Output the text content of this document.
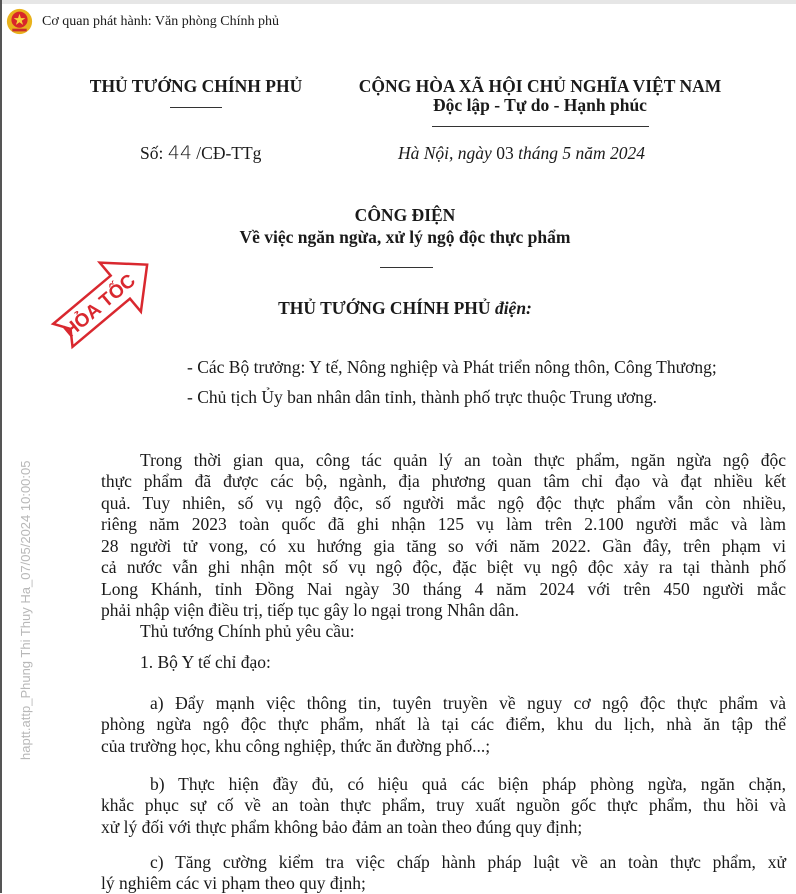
Cơ quan phát hành: Văn phòng Chính phủ
THỦ TƯỚNG CHÍNH PHỦ	CỘNG HÒA XÃ HỘI CHỦ NGHĨA VIỆT NAM
Độc lập - Tự do - Hạnh phúc
Số: 44 /CĐ-TTg	Hà Nội, ngày 03 tháng 5 năm 2024
haptt.attp_Phung Thi Thuy Ha_07/05/2024 10:00:05
HỎA TỐC
CÔNG ĐIỆN
Về việc ngăn ngừa, xử lý ngộ độc thực phẩm
THỦ TƯỚNG CHÍNH PHỦ điện:
- Các Bộ trưởng: Y tế, Nông nghiệp và Phát triển nông thôn, Công Thương;
- Chủ tịch Ủy ban nhân dân tỉnh, thành phố trực thuộc Trung ương.
Trong thời gian qua, công tác quản lý an toàn thực phẩm, ngăn ngừa ngộ độc
thực phẩm đã được các bộ, ngành, địa phương quan tâm chỉ đạo và đạt nhiều kết
quả. Tuy nhiên, số vụ ngộ độc, số người mắc ngộ độc thực phẩm vẫn còn nhiều,
riêng năm 2023 toàn quốc đã ghi nhận 125 vụ làm trên 2.100 người mắc và làm
28 người tử vong, có xu hướng gia tăng so với năm 2022. Gần đây, trên phạm vi
cả nước vẫn ghi nhận một số vụ ngộ độc, đặc biệt vụ ngộ độc xảy ra tại thành phố
Long Khánh, tỉnh Đồng Nai ngày 30 tháng 4 năm 2024 với trên 450 người mắc
phải nhập viện điều trị, tiếp tục gây lo ngại trong Nhân dân.
Thủ tướng Chính phủ yêu cầu:
1. Bộ Y tế chỉ đạo:
a) Đẩy mạnh việc thông tin, tuyên truyền về nguy cơ ngộ độc thực phẩm và
phòng ngừa ngộ độc thực phẩm, nhất là tại các điểm, khu du lịch, nhà ăn tập thể
của trường học, khu công nghiệp, thức ăn đường phố...;
b) Thực hiện đầy đủ, có hiệu quả các biện pháp phòng ngừa, ngăn chặn,
khắc phục sự cố về an toàn thực phẩm, truy xuất nguồn gốc thực phẩm, thu hồi và
xử lý đối với thực phẩm không bảo đảm an toàn theo đúng quy định;
c) Tăng cường kiểm tra việc chấp hành pháp luật về an toàn thực phẩm, xử
lý nghiêm các vi phạm theo quy định;
